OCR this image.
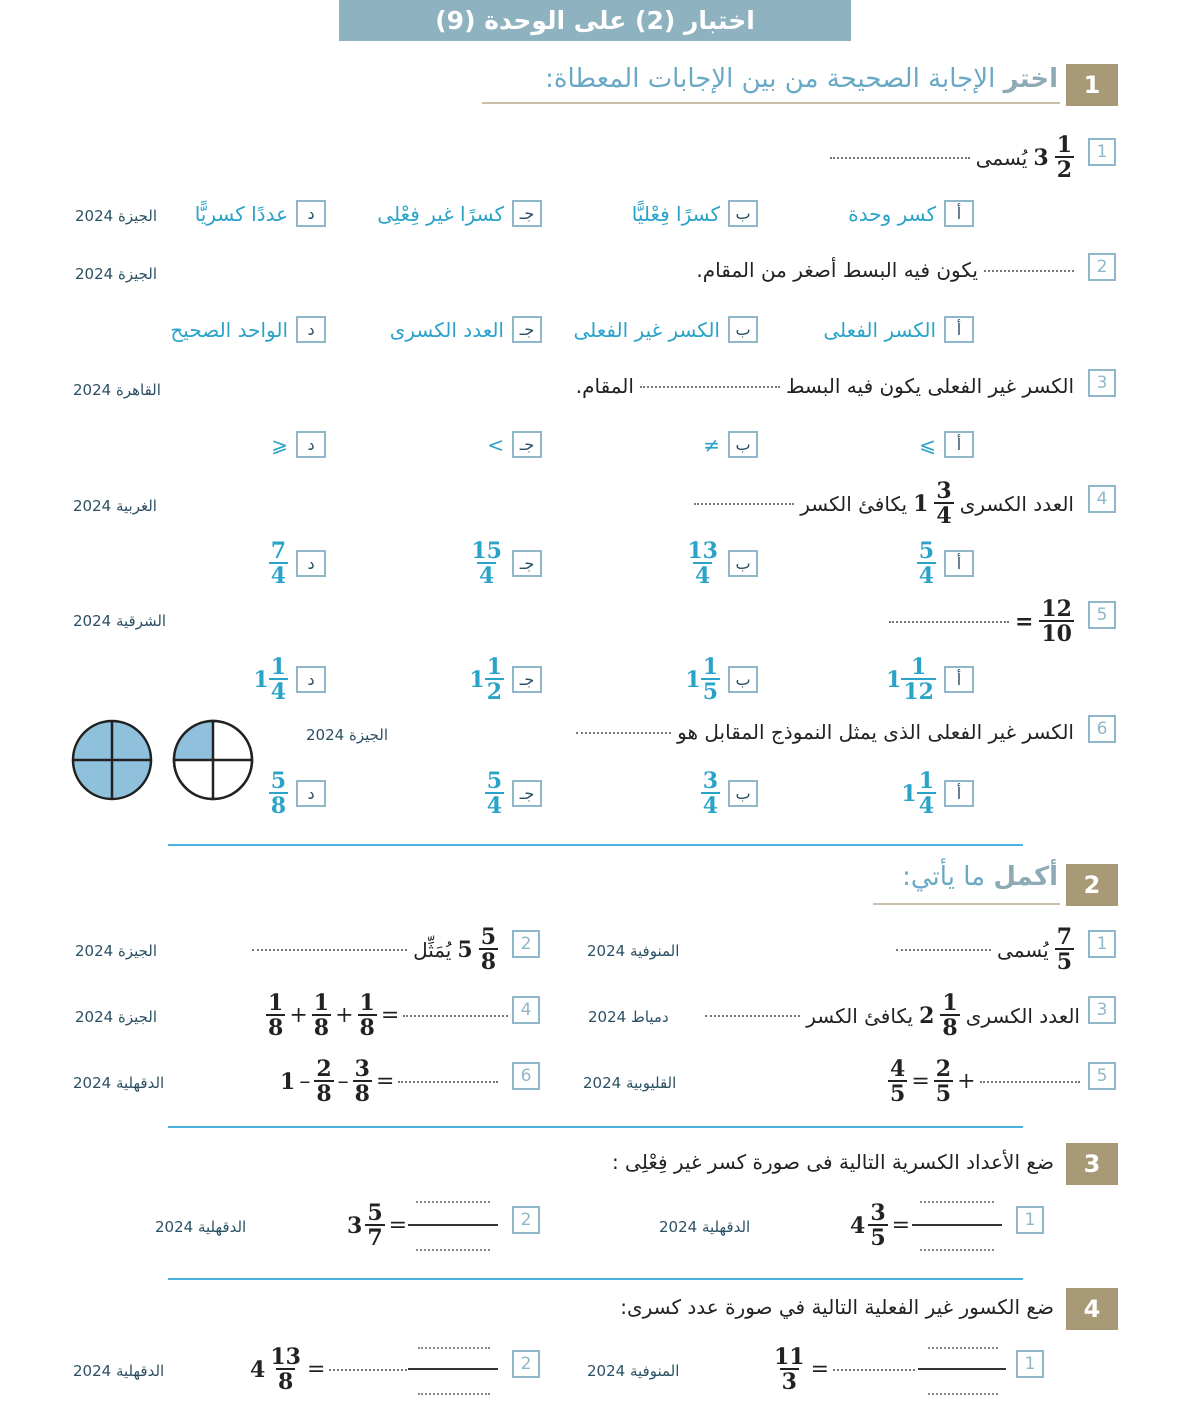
اختبار (2) على الوحدة (9)
1
اختر الإجابة الصحيحة من بين الإجابات المعطاة:
1
$\frac{1}{2}$
3
يُسمى
الجيزة 2024	أ
كسر وحدة
ب
كسرًا فِعْليًّا
جـ
كسرًا غير فِعْلِى
د
عددًا كسريًّا
2
يكون فيه البسط أصغر من المقام.
الجيزة 2024
أ
الكسر الفعلى
ب
الكسر غير الفعلى
جـ
العدد الكسرى
د
الواحد الصحيح
3
الكسر غير الفعلى يكون فيه البسط
المقام.
القاهرة 2024
أ
⩾
ب
≠
جـ
>
د
⩽
4
العدد الكسرى
$\frac{3}{4}$
1
يكافئ الكسر
الغربية 2024
أ
$\frac{5}{4}$
ب
$\frac{13}{4}$
جـ
$\frac{15}{4}$
د
$\frac{7}{4}$
5
$\frac{12}{10}$
=
الشرقية 2024
أ
$\frac{1}{12}$
1
ب
$\frac{1}{5}$
1
جـ
$\frac{1}{2}$
1
د
$\frac{1}{4}$
1
6
الكسر غير الفعلى الذى يمثل النموذج المقابل هو
الجيزة 2024
أ
$\frac{1}{4}$
1
ب
$\frac{3}{4}$
جـ
$\frac{5}{4}$
د
$\frac{5}{8}$
2
أكمل ما يأتي:
1
$\frac{7}{5}$
يُسمى
المنوفية 2024
2
$\frac{5}{8}$
5
يُمَثِّل
الجيزة 2024
3
العدد الكسرى
$\frac{1}{8}$
2
يكافئ الكسر
دمياط 2024
4
$\frac{1}{8} + \frac{1}{8} + \frac{1}{8}$ =
الجيزة 2024
5
$\frac{4}{5} = \frac{2}{5}$ +
القليوبية 2024
6
$1 - \frac{2}{8} - \frac{3}{8}$ =
الدقهلية 2024
3
ضع الأعداد الكسرية التالية فى صورة كسر غير فِعْلِى :
1
$4 \frac{3}{5}$ =
الدقهلية 2024
2
$3 \frac{5}{7}$ =
الدقهلية 2024
4
ضع الكسور غير الفعلية التالية في صورة عدد كسرى:
1
$\frac{11}{3}$ =
المنوفية 2024
2
$4 \frac{13}{8}$ =
الدقهلية 2024
